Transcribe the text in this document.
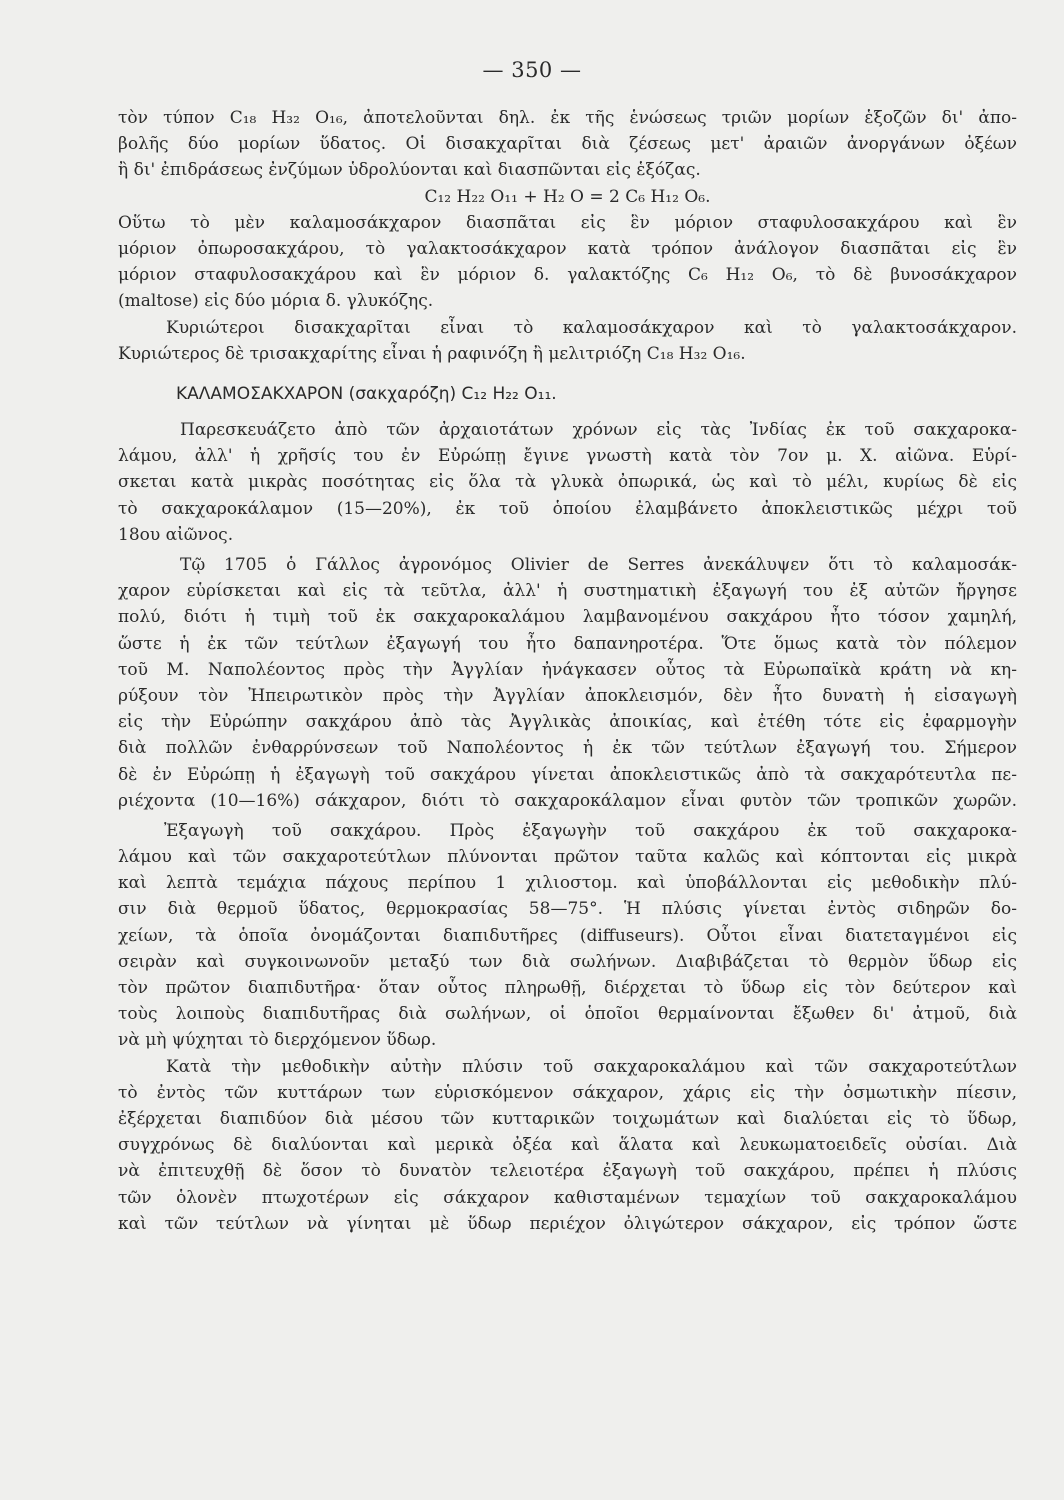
— 350 —
τὸν τύπον C₁₈ H₃₂ O₁₆, ἀποτελοῦνται δηλ. ἐκ τῆς ἑνώσεως τριῶν μορίων ἑξοζῶν δι' ἀπο-
βολῆς δύο μορίων ὕδατος. Οἱ δισακχαρῖται διὰ ζέσεως μετ' ἀραιῶν ἀνοργάνων ὀξέων
ἢ δι' ἐπιδράσεως ἐνζύμων ὑδρολύονται καὶ διασπῶνται εἰς ἑξόζας.
C₁₂ H₂₂ O₁₁ + H₂ O = 2 C₆ H₁₂ O₆.
Οὕτω τὸ μὲν καλαμοσάκχαρον διασπᾶται εἰς ἓν μόριον σταφυλοσακχάρου καὶ ἓν
μόριον ὀπωροσακχάρου, τὸ γαλακτοσάκχαρον κατὰ τρόπον ἀνάλογον διασπᾶται εἰς ἓν
μόριον σταφυλοσακχάρου καὶ ἓν μόριον δ. γαλακτόζης C₆ H₁₂ O₆, τὸ δὲ βυνοσάκχαρον
(maltose) εἰς δύο μόρια δ. γλυκόζης.
Κυριώτεροι δισακχαρῖται εἶναι τὸ καλαμοσάκχαρον καὶ τὸ γαλακτοσάκχαρον.
Κυριώτερος δὲ τρισακχαρίτης εἶναι ἡ ραφινόζη ἢ μελιτριόζη C₁₈ H₃₂ O₁₆.
ΚΑΛΑΜΟΣΑΚΧΑΡΟΝ (σακχαρόζη) C₁₂ H₂₂ O₁₁.
Παρεσκευάζετο ἀπὸ τῶν ἀρχαιοτάτων χρόνων εἰς τὰς Ἰνδίας ἐκ τοῦ σακχαροκα-
λάμου, ἀλλ' ἡ χρῆσίς του ἐν Εὐρώπῃ ἔγινε γνωστὴ κατὰ τὸν 7ον μ. Χ. αἰῶνα. Εὑρί-
σκεται κατὰ μικρὰς ποσότητας εἰς ὅλα τὰ γλυκὰ ὀπωρικά, ὡς καὶ τὸ μέλι, κυρίως δὲ εἰς
τὸ σακχαροκάλαμον (15—20%), ἐκ τοῦ ὁποίου ἐλαμβάνετο ἀποκλειστικῶς μέχρι τοῦ
18ου αἰῶνος.
Τῷ 1705 ὁ Γάλλος ἀγρονόμος Olivier de Serres ἀνεκάλυψεν ὅτι τὸ καλαμοσάκ-
χαρον εὑρίσκεται καὶ εἰς τὰ τεῦτλα, ἀλλ' ἡ συστηματικὴ ἐξαγωγή του ἐξ αὐτῶν ἤργησε
πολύ, διότι ἡ τιμὴ τοῦ ἐκ σακχαροκαλάμου λαμβανομένου σακχάρου ἦτο τόσον χαμηλή,
ὥστε ἡ ἐκ τῶν τεύτλων ἐξαγωγή του ἦτο δαπανηροτέρα. Ὅτε ὅμως κατὰ τὸν πόλεμον
τοῦ Μ. Ναπολέοντος πρὸς τὴν Ἀγγλίαν ἠνάγκασεν οὗτος τὰ Εὐρωπαϊκὰ κράτη νὰ κη-
ρύξουν τὸν Ἠπειρωτικὸν πρὸς τὴν Ἀγγλίαν ἀποκλεισμόν, δὲν ἦτο δυνατὴ ἡ εἰσαγωγὴ
εἰς τὴν Εὐρώπην σακχάρου ἀπὸ τὰς Ἀγγλικὰς ἀποικίας, καὶ ἐτέθη τότε εἰς ἐφαρμογὴν
διὰ πολλῶν ἐνθαρρύνσεων τοῦ Ναπολέοντος ἡ ἐκ τῶν τεύτλων ἐξαγωγή του. Σήμερον
δὲ ἐν Εὐρώπῃ ἡ ἐξαγωγὴ τοῦ σακχάρου γίνεται ἀποκλειστικῶς ἀπὸ τὰ σακχαρότευτλα πε-
ριέχοντα (10—16%) σάκχαρον, διότι τὸ σακχαροκάλαμον εἶναι φυτὸν τῶν τροπικῶν χωρῶν.
Ἐξαγωγὴ τοῦ σακχάρου. Πρὸς ἐξαγωγὴν τοῦ σακχάρου ἐκ τοῦ σακχαροκα-
λάμου καὶ τῶν σακχαροτεύτλων πλύνονται πρῶτον ταῦτα καλῶς καὶ κόπτονται εἰς μικρὰ
καὶ λεπτὰ τεμάχια πάχους περίπου 1 χιλιοστομ. καὶ ὑποβάλλονται εἰς μεθοδικὴν πλύ-
σιν διὰ θερμοῦ ὕδατος, θερμοκρασίας 58—75°. Ἡ πλύσις γίνεται ἐντὸς σιδηρῶν δο-
χείων, τὰ ὁποῖα ὀνομάζονται διαπιδυτῆρες (diffuseurs). Οὗτοι εἶναι διατεταγμένοι εἰς
σειρὰν καὶ συγκοινωνοῦν μεταξύ των διὰ σωλήνων. Διαβιβάζεται τὸ θερμὸν ὕδωρ εἰς
τὸν πρῶτον διαπιδυτῆρα· ὅταν οὗτος πληρωθῇ, διέρχεται τὸ ὕδωρ εἰς τὸν δεύτερον καὶ
τοὺς λοιποὺς διαπιδυτῆρας διὰ σωλήνων, οἱ ὁποῖοι θερμαίνονται ἔξωθεν δι' ἀτμοῦ, διὰ
νὰ μὴ ψύχηται τὸ διερχόμενον ὕδωρ.
Κατὰ τὴν μεθοδικὴν αὐτὴν πλύσιν τοῦ σακχαροκαλάμου καὶ τῶν σακχαροτεύτλων
τὸ ἐντὸς τῶν κυττάρων των εὑρισκόμενον σάκχαρον, χάρις εἰς τὴν ὀσμωτικὴν πίεσιν,
ἐξέρχεται διαπιδύον διὰ μέσου τῶν κυτταρικῶν τοιχωμάτων καὶ διαλύεται εἰς τὸ ὕδωρ,
συγχρόνως δὲ διαλύονται καὶ μερικὰ ὀξέα καὶ ἅλατα καὶ λευκωματοειδεῖς οὐσίαι. Διὰ
νὰ ἐπιτευχθῇ δὲ ὅσον τὸ δυνατὸν τελειοτέρα ἐξαγωγὴ τοῦ σακχάρου, πρέπει ἡ πλύσις
τῶν ὁλονὲν πτωχοτέρων εἰς σάκχαρον καθισταμένων τεμαχίων τοῦ σακχαροκαλάμου
καὶ τῶν τεύτλων νὰ γίνηται μὲ ὕδωρ περιέχον ὀλιγώτερον σάκχαρον, εἰς τρόπον ὥστε
